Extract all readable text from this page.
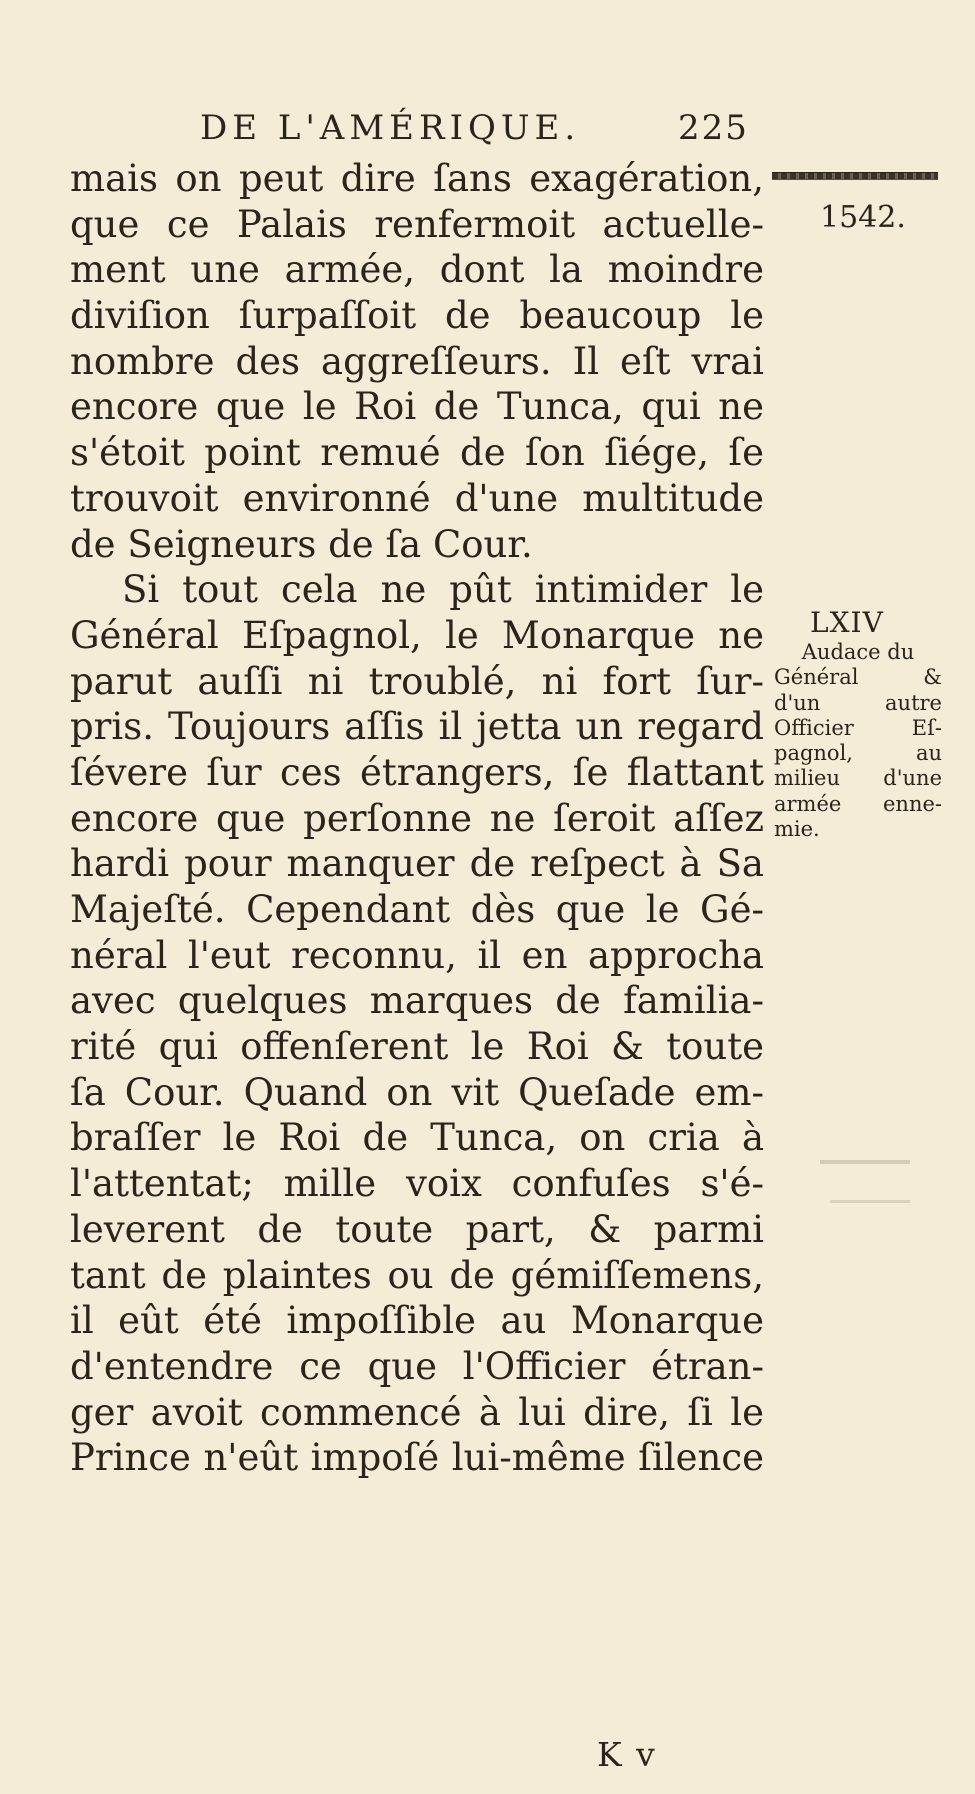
DE L'AMÉRIQUE.	225
1542.
mais on peut dire ſans exagération,
que ce Palais renfermoit actuelle-
ment une armée, dont la moindre
diviſion ſurpaſſoit de beaucoup le
nombre des aggreſſeurs. Il eſt vrai
encore que le Roi de Tunca, qui ne
s'étoit point remué de ſon ſiége, ſe
trouvoit environné d'une multitude
de Seigneurs de ſa Cour.
Si tout cela ne pût intimider le
Général Eſpagnol, le Monarque ne
parut auſſi ni troublé, ni fort ſur-
pris. Toujours aſſis il jetta un regard
ſévere ſur ces étrangers, ſe flattant
encore que perſonne ne ſeroit aſſez
hardi pour manquer de reſpect à Sa
Majeſté. Cependant dès que le Gé-
néral l'eut reconnu, il en approcha
avec quelques marques de familia-
rité qui offenſerent le Roi & toute
ſa Cour. Quand on vit Queſade em-
braſſer le Roi de Tunca, on cria à
l'attentat; mille voix confuſes s'é-
leverent de toute part, & parmi
tant de plaintes ou de gémiſſemens,
il eût été impoſſible au Monarque
d'entendre ce que l'Officier étran-
ger avoit commencé à lui dire, ſi le
Prince n'eût impoſé lui-même ſilence
LXIV
Audace du
Général &
d'un autre
Officier Eſ-
pagnol, au
milieu d'une
armée enne-
mie.
K v
